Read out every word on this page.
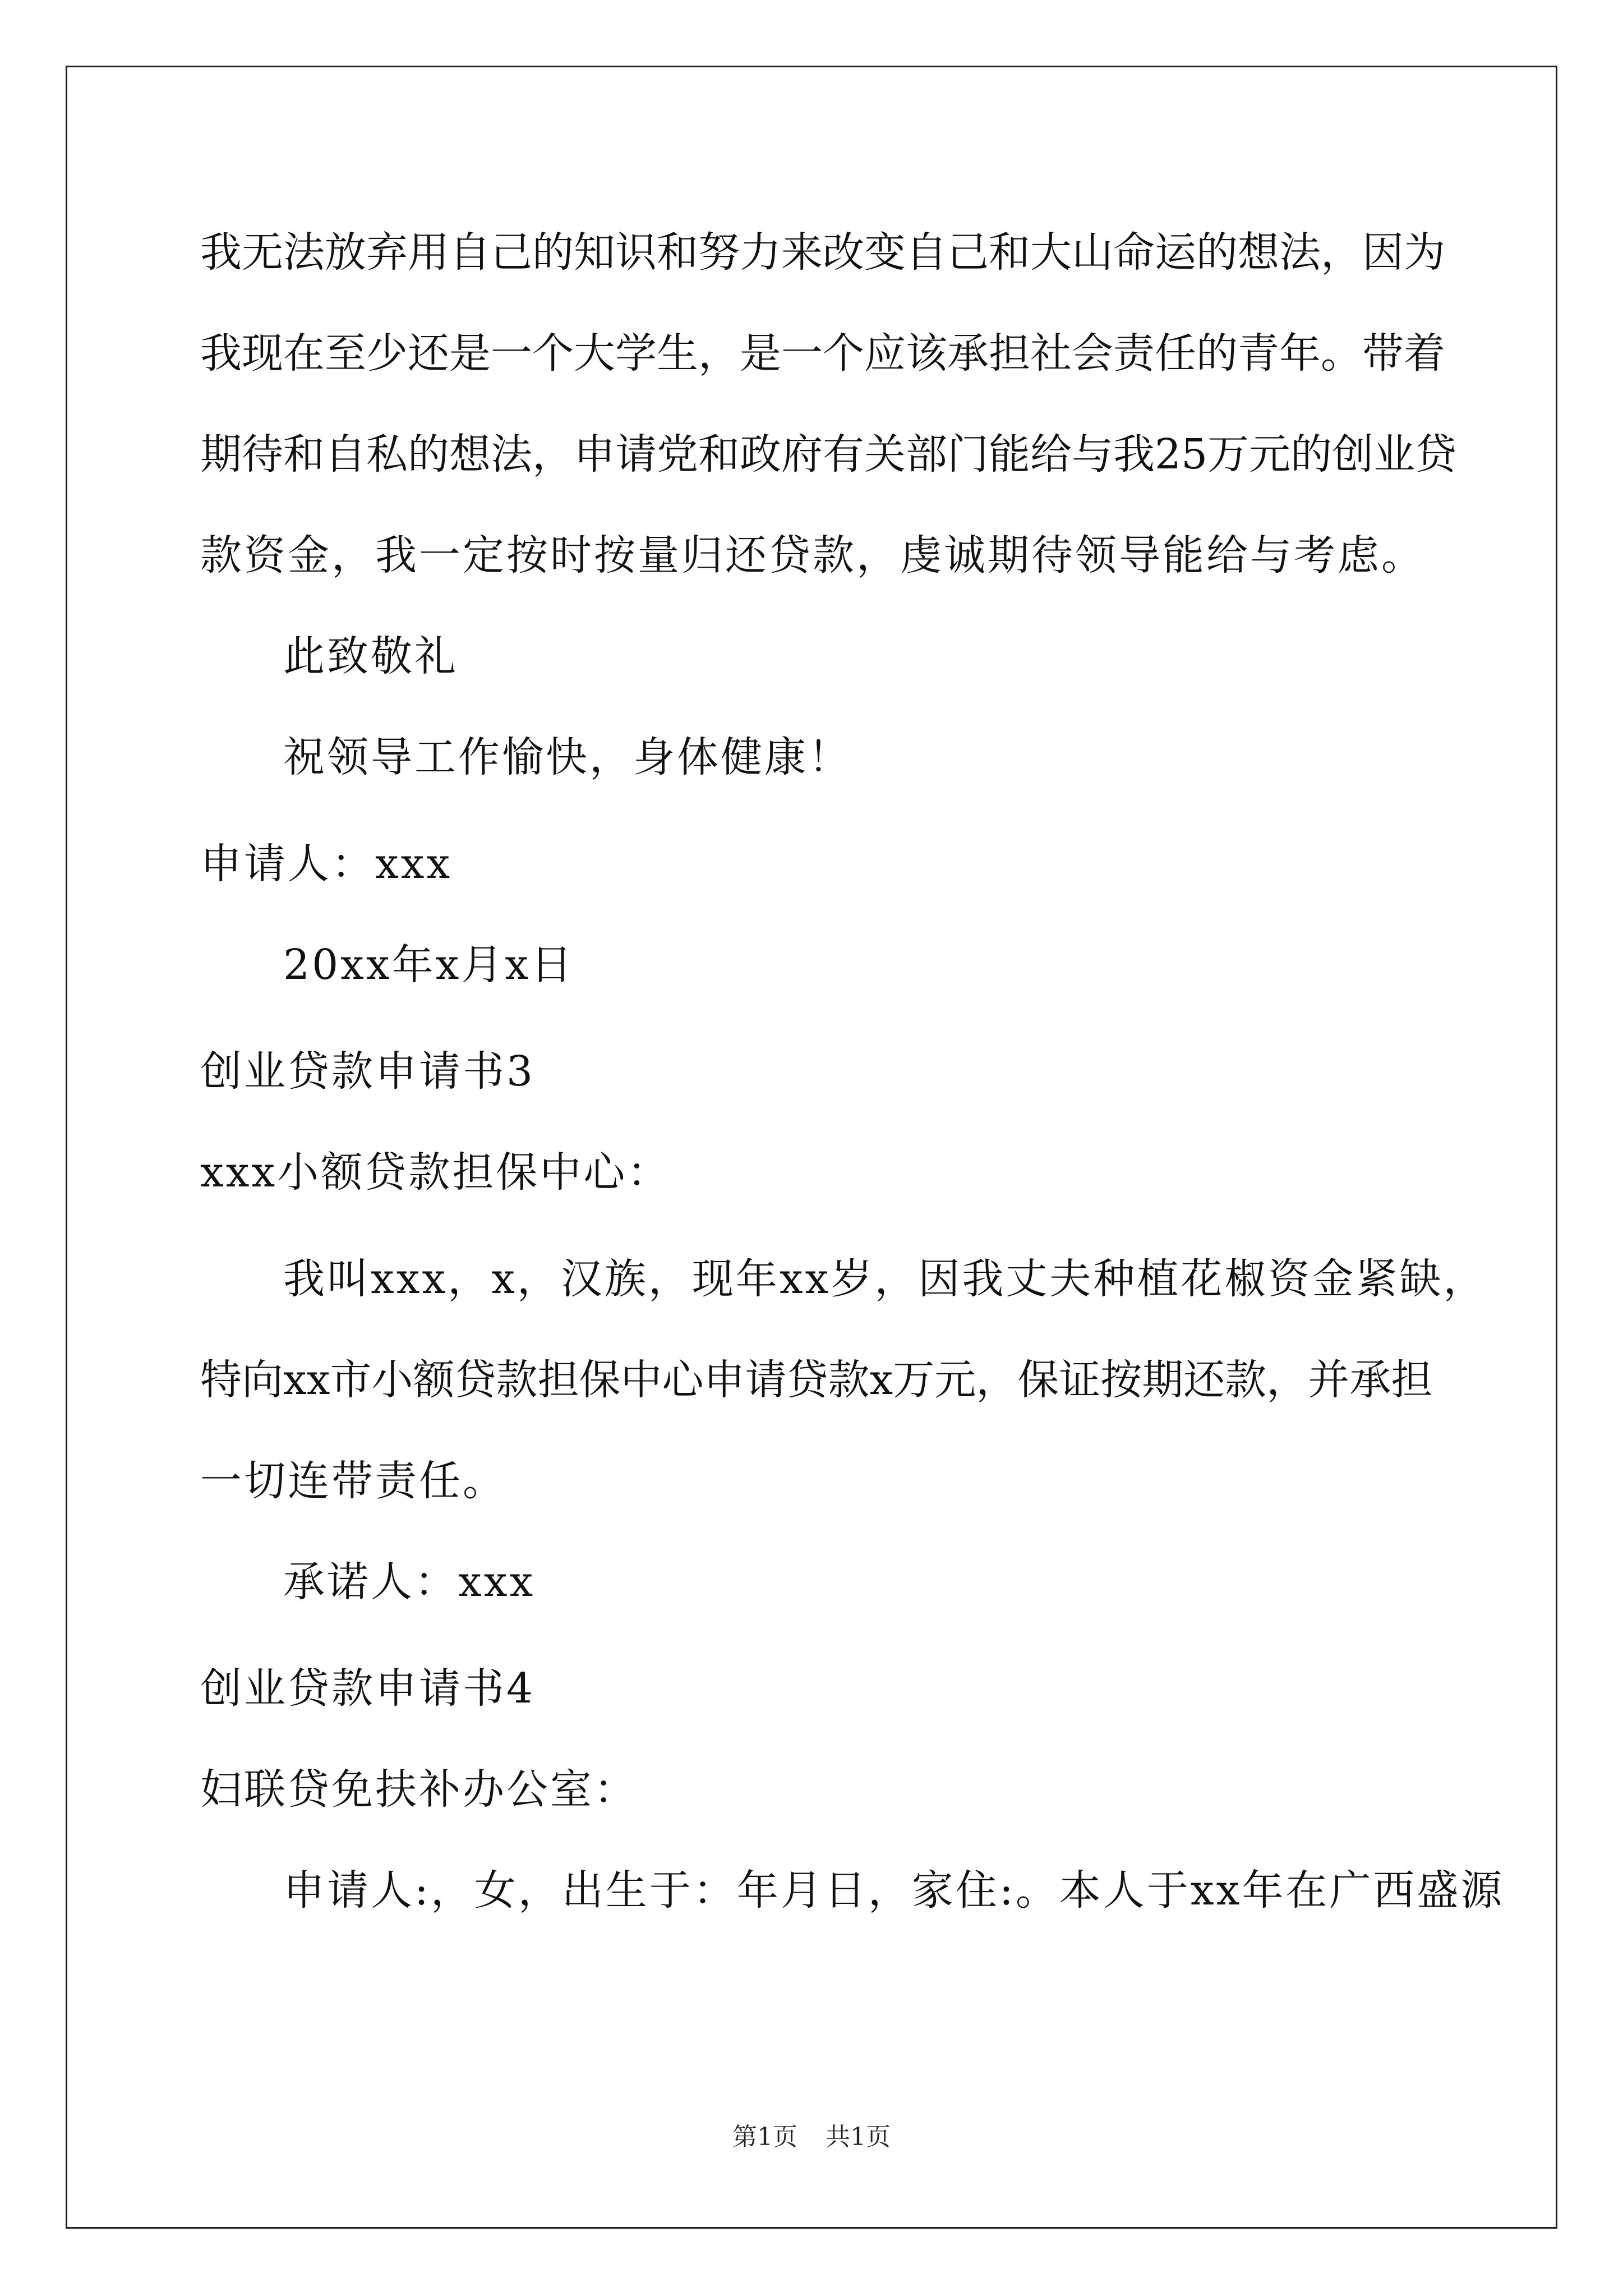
我无法放弃用自己的知识和努力来改变自己和大山命运的想法，因为
我现在至少还是一个大学生，是一个应该承担社会责任的青年。带着
期待和自私的想法，申请党和政府有关部门能给与我25万元的创业贷
款资金，我一定按时按量归还贷款，虔诚期待领导能给与考虑。
此致敬礼
祝领导工作愉快，身体健康！
申请人：xxx
20xx年x月x日
创业贷款申请书3
xxx小额贷款担保中心：
我叫xxx，x，汉族，现年xx岁，因我丈夫种植花椒资金紧缺，
特向xx市小额贷款担保中心申请贷款x万元，保证按期还款，并承担
一切连带责任。
承诺人：xxx
创业贷款申请书4
妇联贷免扶补办公室：
申请人:，女，出生于：年月日，家住:。本人于xx年在广西盛源
第1页 共1页
